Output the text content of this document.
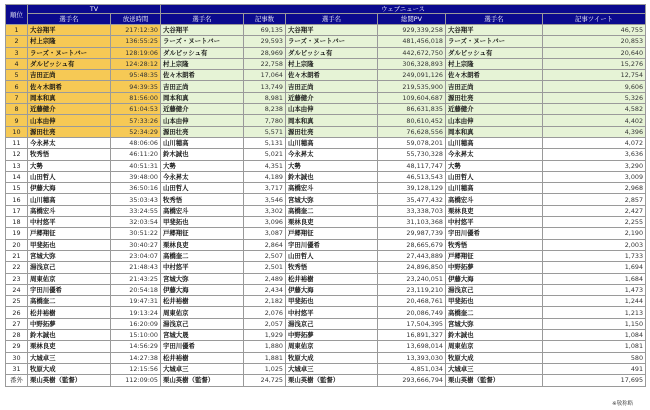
順位	TV		ウェブニュース					
	選手名	放送時間	選手名	記事数	選手名	総閲PV	選手名	記事ツイート
1	大谷翔平	217:12:30	大谷翔平	69,135	大谷翔平	929,339,258	大谷翔平	46,755
2	村上宗隆	136:55:25	ラーズ・ヌートバー	29,593	ラーズ・ヌートバー	481,456,018	ラーズ・ヌートバー	20,853
3	ラーズ・ヌートバー	128:19:06	ダルビッシュ有	28,969	ダルビッシュ有	442,672,750	ダルビッシュ有	20,640
4	ダルビッシュ有	124:28:12	村上宗隆	22,758	村上宗隆	306,328,893	村上宗隆	15,276
5	吉田正尚	95:48:35	佐々木朗希	17,064	佐々木朗希	249,091,126	佐々木朗希	12,754
6	佐々木朗希	94:39:35	吉田正尚	13,749	吉田正尚	219,535,900	吉田正尚	9,606
7	岡本和真	81:56:00	岡本和真	8,981	近藤健介	109,604,687	源田壮亮	5,326
8	近藤健介	61:04:53	近藤健介	8,238	山本由伸	86,631,835	近藤健介	4,582
9	山本由伸	57:33:26	山本由伸	7,780	岡本和真	80,610,452	山本由伸	4,402
10	源田壮亮	52:34:29	源田壮亮	5,571	源田壮亮	76,628,556	岡本和真	4,396
11	今永昇太	48:06:06	山川穂高	5,131	山川穂高	59,078,201	山川穂高	4,072
12	牧秀悟	46:11:20	鈴木誠也	5,021	今永昇太	55,730,328	今永昇太	3,636
13	大勢	40:51:31	大勢	4,351	大勢	48,117,747	大勢	3,290
14	山田哲人	39:48:00	今永昇太	4,189	鈴木誠也	46,513,543	山田哲人	3,009
15	伊藤大海	36:50:16	山田哲人	3,717	高橋宏斗	39,128,129	山川穂高	2,968
16	山川穂高	35:03:43	牧秀悟	3,546	宮城大弥	35,477,432	高橋宏斗	2,857
17	高橋宏斗	33:24:55	高橋宏斗	3,302	高橋奎二	33,338,703	栗林良吏	2,427
18	中村悠平	32:03:54	甲斐拓也	3,096	栗林良吏	31,103,368	中村悠平	2,255
19	戸郷翔征	30:51:22	戸郷翔征	3,087	戸郷翔征	29,987,739	宇田川優希	2,190
20	甲斐拓也	30:40:27	栗林良吏	2,864	宇田川優希	28,665,679	牧秀悟	2,003
21	宮城大弥	23:04:07	高橋奎二	2,507	山田哲人	27,443,889	戸郷翔征	1,733
22	湯浅京己	21:48:43	中村悠平	2,501	牧秀悟	24,896,850	中野拓夢	1,694
23	周東佑京	21:43:25	宮城大弥	2,489	松井裕樹	23,240,051	伊藤大海	1,684
24	宇田川優希	20:54:18	伊藤大海	2,434	伊藤大海	23,119,210	湯浅京己	1,473
25	高橋奎二	19:47:31	松井裕樹	2,182	甲斐拓也	20,468,761	甲斐拓也	1,244
26	松井裕樹	19:13:24	周東佑京	2,076	中村悠平	20,086,749	高橋奎二	1,213
27	中野拓夢	16:20:09	湯浅京己	2,057	湯浅京己	17,504,395	宮城大弥	1,150
28	鈴木誠也	15:10:00	宮城大晟	1,929	中野拓夢	16,891,327	鈴木誠也	1,084
29	栗林良吏	14:56:29	宇田川優希	1,880	周東佑京	13,698,014	周東佑京	1,081
30	大城卓三	14:27:38	松井裕樹	1,881	牧原大成	13,393,030	牧原大成	580
31	牧原大成	12:15:56	大城卓三	1,025	大城卓三	4,851,034	大城卓三	491
番外	栗山英樹（監督）	112:09:05	栗山英樹（監督）	24,725	栗山英樹（監督）	293,666,794	栗山英樹（監督）	17,695
※敬称略
